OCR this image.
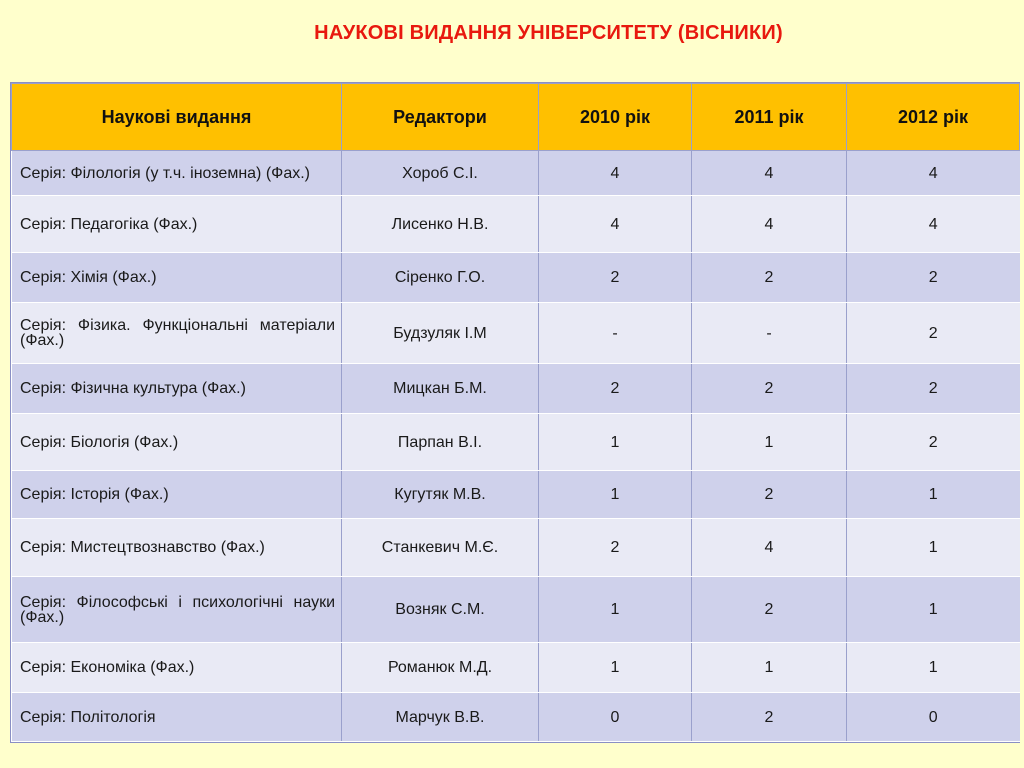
НАУКОВІ ВИДАННЯ УНІВЕРСИТЕТУ (ВІСНИКИ)
Наукові видання	Редактори	2010 рік	2011 рік	2012 рік
Серія: Філологія (у т.ч. іноземна) (Фах.)	Хороб С.І.	4	4	4
Серія: Педагогіка (Фах.)	Лисенко Н.В.	4	4	4
Серія: Хімія (Фах.)	Сіренко Г.О.	2	2	2
Серія: Фізика. Функціональні матеріали (Фах.)	Будзуляк І.М	-	-	2
Серія: Фізична культура (Фах.)	Мицкан Б.М.	2	2	2
Серія: Біологія (Фах.)	Парпан В.І.	1	1	2
Серія: Історія (Фах.)	Кугутяк М.В.	1	2	1
Серія: Мистецтвознавство (Фах.)	Станкевич М.Є.	2	4	1
Серія: Філософські і психологічні науки (Фах.)	Возняк С.М.	1	2	1
Серія: Економіка (Фах.)	Романюк М.Д.	1	1	1
Серія: Політологія	Марчук В.В.	0	2	0
